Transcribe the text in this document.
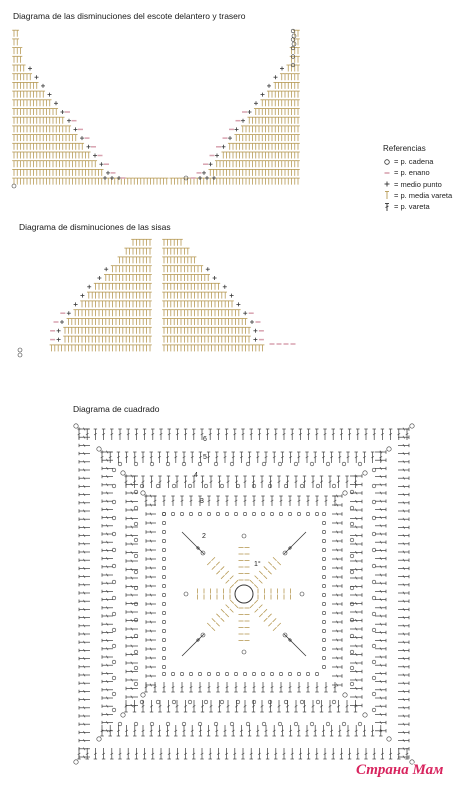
Diagrama de las disminuciones del escote delantero y trasero
Diagrama de disminuciones de las sisas
Diagrama de cuadrado
6
5
4
3
2
1°
Referencias
= p. cadena
= p. enano
= medio punto
= p. media vareta
= p. vareta
Страна Мам
